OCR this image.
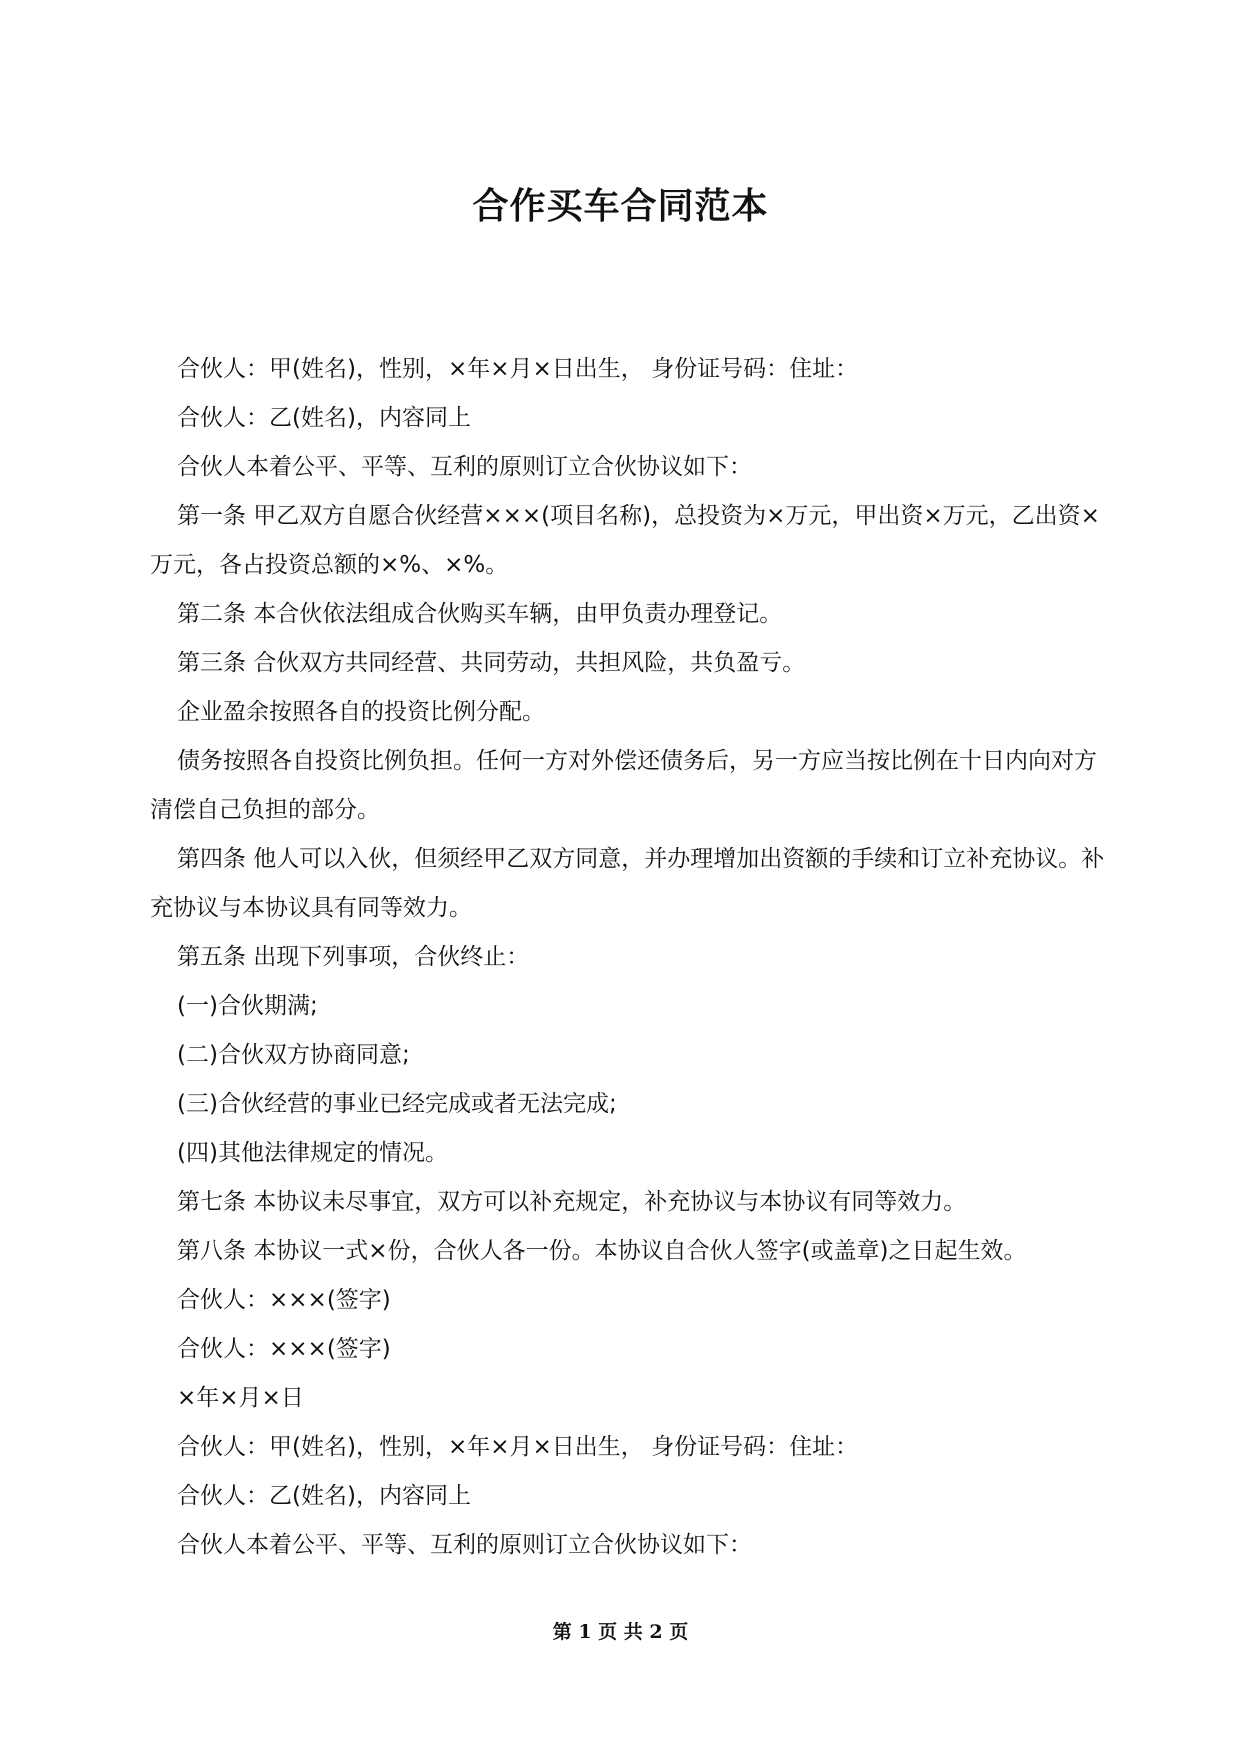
合作买车合同范本

合伙人：甲(姓名)，性别，×年×月×日出生， 身份证号码：住址：

合伙人：乙(姓名)，内容同上

合伙人本着公平、平等、互利的原则订立合伙协议如下：

第一条 甲乙双方自愿合伙经营×××(项目名称)，总投资为×万元，甲出资×万元，乙出资×万元，各占投资总额的×%、×%。

第二条 本合伙依法组成合伙购买车辆，由甲负责办理登记。

第三条 合伙双方共同经营、共同劳动，共担风险，共负盈亏。

企业盈余按照各自的投资比例分配。

债务按照各自投资比例负担。任何一方对外偿还债务后，另一方应当按比例在十日内向对方清偿自己负担的部分。

第四条 他人可以入伙，但须经甲乙双方同意，并办理增加出资额的手续和订立补充协议。补充协议与本协议具有同等效力。

第五条 出现下列事项，合伙终止：

(一)合伙期满;

(二)合伙双方协商同意;

(三)合伙经营的事业已经完成或者无法完成;

(四)其他法律规定的情况。

第七条 本协议未尽事宜，双方可以补充规定，补充协议与本协议有同等效力。

第八条 本协议一式×份，合伙人各一份。本协议自合伙人签字(或盖章)之日起生效。

合伙人：×××(签字)

合伙人：×××(签字)

×年×月×日

合伙人：甲(姓名)，性别，×年×月×日出生， 身份证号码：住址：

合伙人：乙(姓名)，内容同上

合伙人本着公平、平等、互利的原则订立合伙协议如下：

第 1 页 共 2 页
